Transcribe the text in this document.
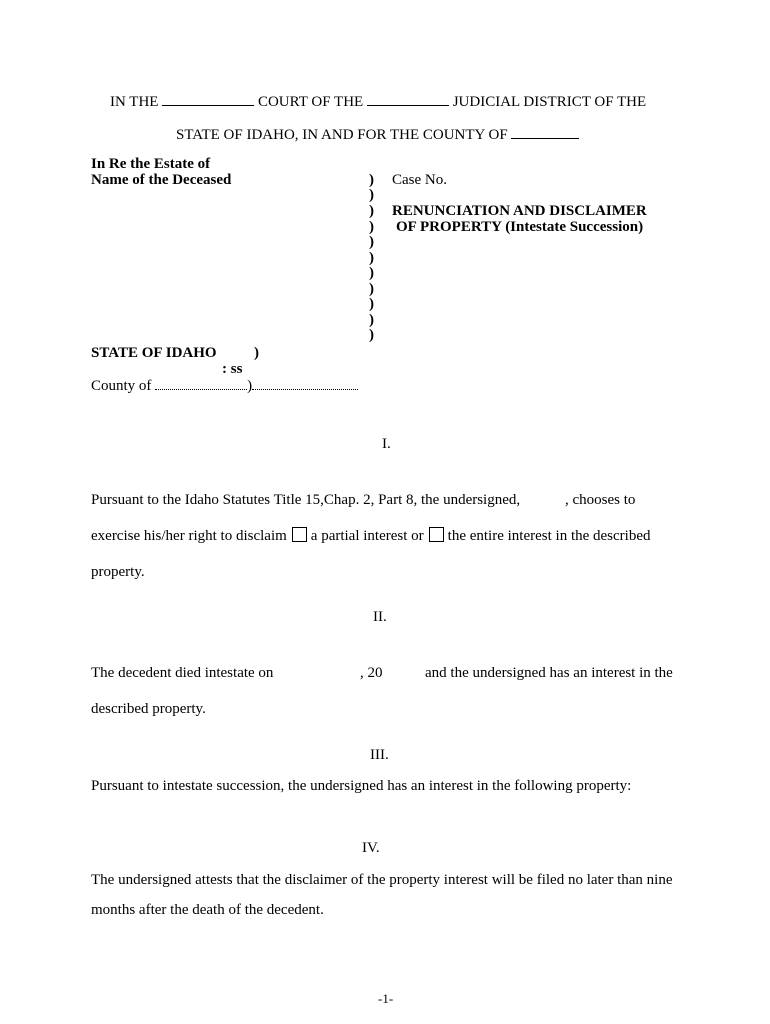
IN THE	COURT OF THE	JUDICIAL DISTRICT OF THE
STATE OF IDAHO, IN AND FOR THE COUNTY OF
In Re the Estate of
Name of the Deceased	)
)
)
)
)
)
)
)
)
)
)
Case No.
RENUNCIATION AND DISCLAIMER
OF PROPERTY (Intestate Succession)
STATE OF IDAHO )
: ss
County of	)
I.
Pursuant to the Idaho Statutes Title 15,Chap. 2, Part 8, the undersigned,	, chooses to
exercise his/her right to disclaim a partial interest or the entire interest in the described
property.
II.
The decedent died intestate on	, 20	and the undersigned has an interest in the
described property.
III.
Pursuant to intestate succession, the undersigned has an interest in the following property:
IV.
The undersigned attests that the disclaimer of the property interest will be filed no later than nine
months after the death of the decedent.
-1-
